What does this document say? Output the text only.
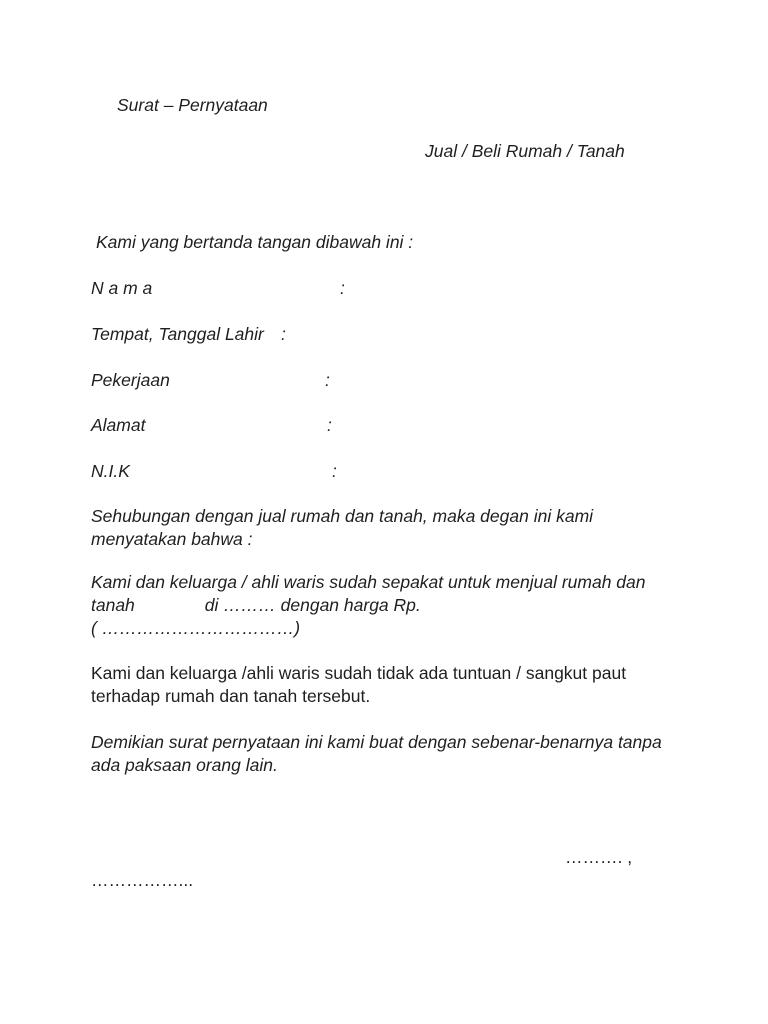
Surat – Pernyataan
Jual / Beli Rumah / Tanah
Kami yang bertanda tangan dibawah ini :
N a m a	:
Tempat, Tanggal Lahir :
Pekerjaan	:
Alamat	:
N.I.K	:
Sehubungan dengan jual rumah dan tanah, maka degan ini kami
menyatakan bahwa :
Kami dan keluarga / ahli waris sudah sepakat untuk menjual rumah dan
tanah	di ……… dengan harga Rp.
( ……………………………)
Kami dan keluarga /ahli waris sudah tidak ada tuntuan / sangkut paut
terhadap rumah dan tanah tersebut.
Demikian surat pernyataan ini kami buat dengan sebenar-benarnya tanpa
ada paksaan orang lain.
………. ,
……………...
